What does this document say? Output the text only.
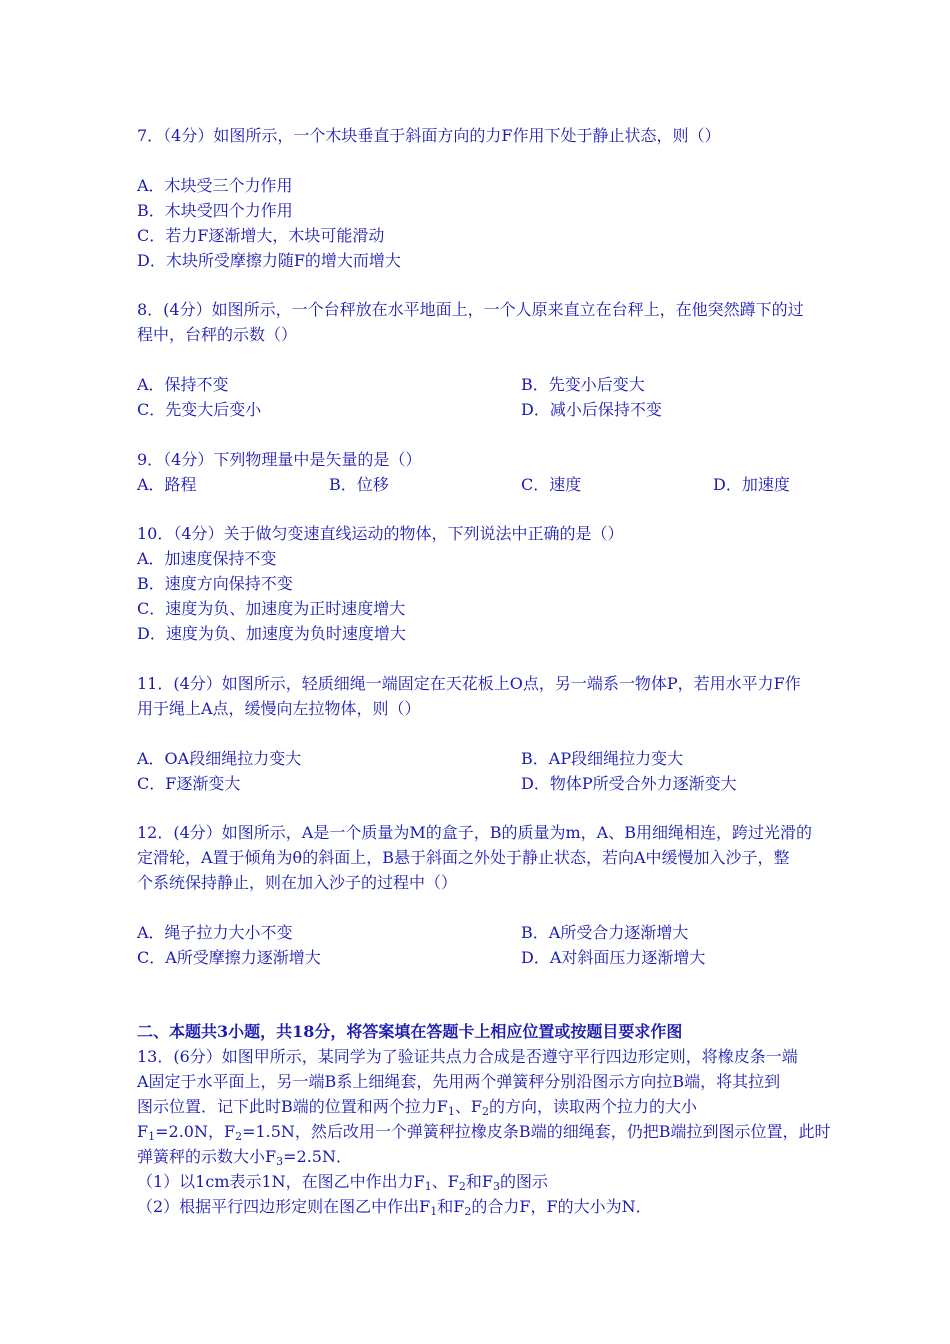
7．（4分）如图所示，一个木块垂直于斜面方向的力F作用下处于静止状态，则（）
A．木块受三个力作用
B．木块受四个力作用
C．若力F逐渐增大，木块可能滑动
D．木块所受摩擦力随F的增大而增大
8．(4分）如图所示，一个台秤放在水平地面上，一个人原来直立在台秤上，在他突然蹲下的过
程中，台秤的示数（）
A．保持不变	B．先变小后变大
C．先变大后变小	D．减小后保持不变
9．（4分）下列物理量中是矢量的是（）
A．路程	B．位移	C．速度	D．加速度
10．（4分）关于做匀变速直线运动的物体，下列说法中正确的是（）
A．加速度保持不变
B．速度方向保持不变
C．速度为负、加速度为正时速度增大
D．速度为负、加速度为负时速度增大
11．(4分）如图所示，轻质细绳一端固定在天花板上O点，另一端系一物体P，若用水平力F作
用于绳上A点，缓慢向左拉物体，则（）
A．OA段细绳拉力变大	B．AP段细绳拉力变大
C．F逐渐变大	D．物体P所受合外力逐渐变大
12．(4分）如图所示，A是一个质量为M的盒子，B的质量为m，A、B用细绳相连，跨过光滑的
定滑轮，A置于倾角为θ的斜面上，B悬于斜面之外处于静止状态，若向A中缓慢加入沙子，整
个系统保持静止，则在加入沙子的过程中（）
A．绳子拉力大小不变	B．A所受合力逐渐增大
C．A所受摩擦力逐渐增大	D．A对斜面压力逐渐增大
二、本题共3小题，共18分，将答案填在答题卡上相应位置或按题目要求作图
13．(6分）如图甲所示，某同学为了验证共点力合成是否遵守平行四边形定则，将橡皮条一端
A固定于水平面上，另一端B系上细绳套，先用两个弹簧秤分别沿图示方向拉B端，将其拉到
图示位置．记下此时B端的位置和两个拉力$F_1$、$F_2$的方向，读取两个拉力的大小
$F_1=2.0N$，$F_2=1.5N$，然后改用一个弹簧秤拉橡皮条B端的细绳套，仍把B端拉到图示位置，此时
弹簧秤的示数大小$F_3=2.5N$．
（1）以1cm表示1N，在图乙中作出力$F_1$、$F_2$和$F_3$的图示
（2）根据平行四边形定则在图乙中作出$F_1$和$F_2$的合力F，F的大小为N．
